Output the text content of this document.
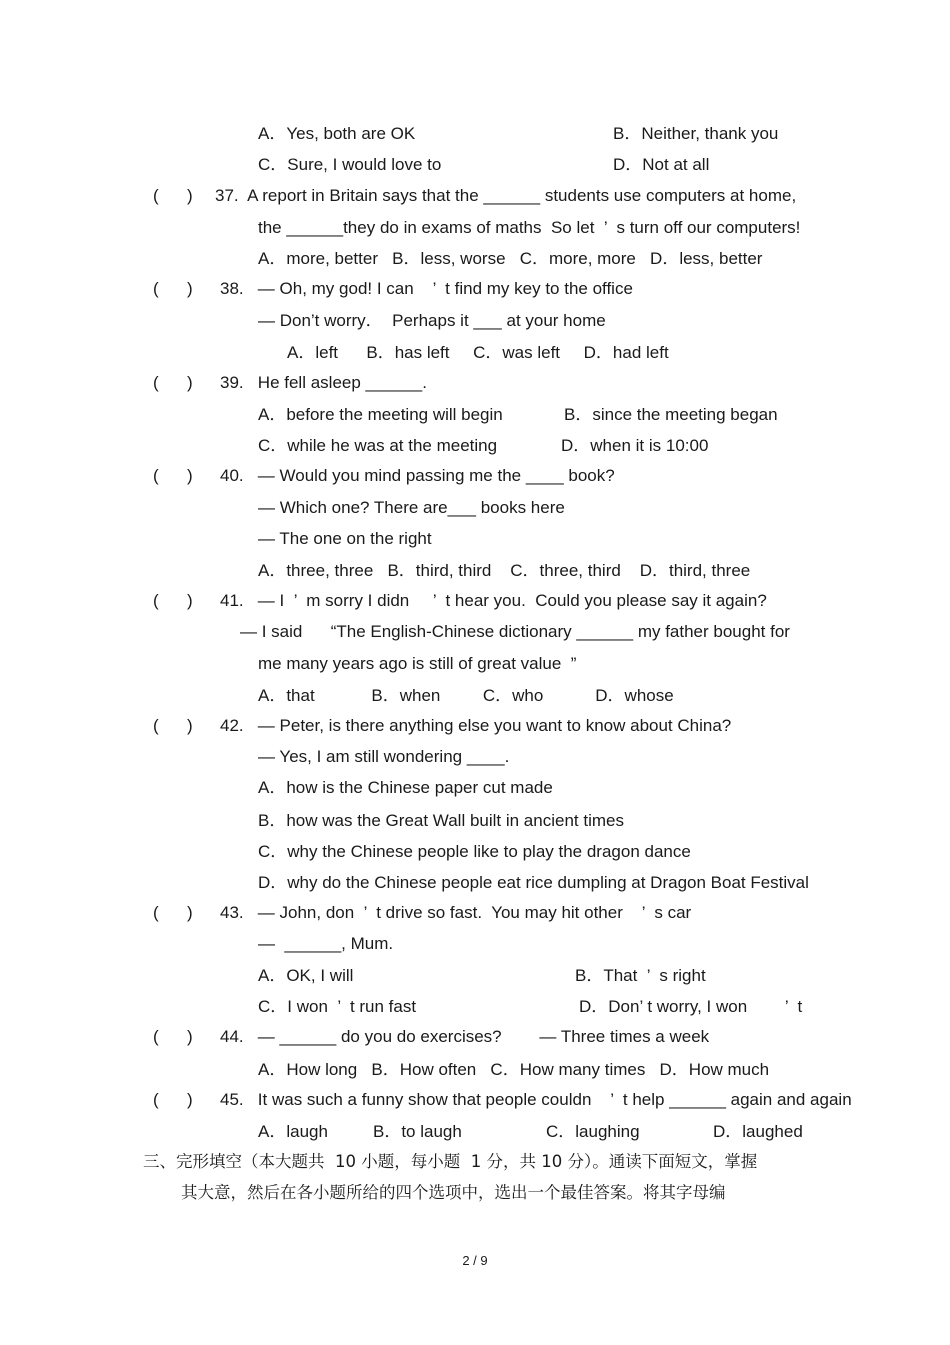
A．Yes, both are OK	B．Neither, thank you
C．Sure, I would love to	D．Not at all
(      ) 37.  A report in Britain says that the ______ students use computers at home,
the ______they do in exams of maths  So let  ’  s turn off our computers!
A．more, better   B．less, worse   C．more, more   D．less, better
(      ) 38.   — Oh, my god! I can    ’  t find my key to the office
— Don’t worry．  Perhaps it ___ at your home
A．left      B．has left     C．was left     D．had left
(      ) 39.   He fell asleep ______.
A．before the meeting will begin	B．since the meeting began
C．while he was at the meeting	D．when it is 10:00
(      ) 40.   — Would you mind passing me the ____ book?
— Which one? There are___ books here
— The one on the right
A．three, three   B．third, third    C．three, third    D．third, three
(      ) 41.   — I  ’  m sorry I didn     ’  t hear you.  Could you please say it again?
— I said      “The English-Chinese dictionary ______ my father bought for
me many years ago is still of great value  ”
A．that            B．when         C．who           D．whose
(      ) 42.   — Peter, is there anything else you want to know about China?
— Yes, I am still wondering ____.
A．how is the Chinese paper cut made
B．how was the Great Wall built in ancient times
C．why the Chinese people like to play the dragon dance
D．why do the Chinese people eat rice dumpling at Dragon Boat Festival
(      ) 43.   — John, don  ’  t drive so fast.  You may hit other    ’  s car
—  ______, Mum.
A．OK, I will	B．That  ’  s right
C．I won  ’  t run fast	D．Don’ t worry, I won        ’  t
(      ) 44.   — ______ do you do exercises?        — Three times a week
A．How long   B．How often   C．How many times   D．How much
(      ) 45.   It was such a funny show that people couldn    ’  t help ______ again and again
A．laugh	B．to laugh	C．laughing	D．laughed
三、完形填空（本大题共  10 小题，每小题  1 分，共 10 分）。通读下面短文，掌握
其大意，然后在各小题所给的四个选项中，选出一个最佳答案。将其字母编
2 / 9
